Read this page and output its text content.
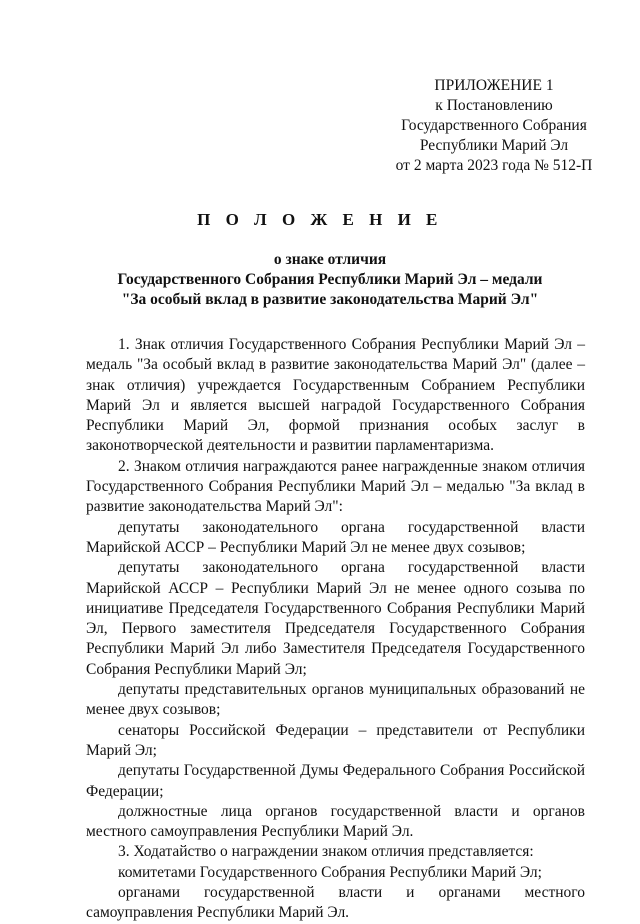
ПРИЛОЖЕНИЕ 1
к Постановлению
Государственного Собрания
Республики Марий Эл
от 2 марта 2023 года № 512-П
П О Л О Ж Е Н И Е
о знаке отличия
Государственного Собрания Республики Марий Эл – медали
"За особый вклад в развитие законодательства Марий Эл"

1. Знак отличия Государственного Собрания Республики Марий Эл – медаль "За особый вклад в развитие законодательства Марий Эл" (далее – знак отличия) учреждается Государственным Собранием Республики Марий Эл и является высшей наградой Государственного Собрания Республики Марий Эл, формой признания особых заслуг в законотворческой деятельности и развитии парламентаризма.

2. Знаком отличия награждаются ранее награжденные знаком отличия Государственного Собрания Республики Марий Эл – медалью "За вклад в развитие законодательства Марий Эл":

депутаты законодательного органа государственной власти Марийской АССР – Республики Марий Эл не менее двух созывов;

депутаты законодательного органа государственной власти Марийской АССР – Республики Марий Эл не менее одного созыва по инициативе Председателя Государственного Собрания Республики Марий Эл, Первого заместителя Председателя Государственного Собрания Республики Марий Эл либо Заместителя Председателя Государственного Собрания Республики Марий Эл;

депутаты представительных органов муниципальных образований не менее двух созывов;

сенаторы Российской Федерации – представители от Республики Марий Эл;

депутаты Государственной Думы Федерального Собрания Российской Федерации;

должностные лица органов государственной власти и органов местного самоуправления Республики Марий Эл.

3. Ходатайство о награждении знаком отличия представляется:

комитетами Государственного Собрания Республики Марий Эл;

органами государственной власти и органами местного самоуправления Республики Марий Эл.
